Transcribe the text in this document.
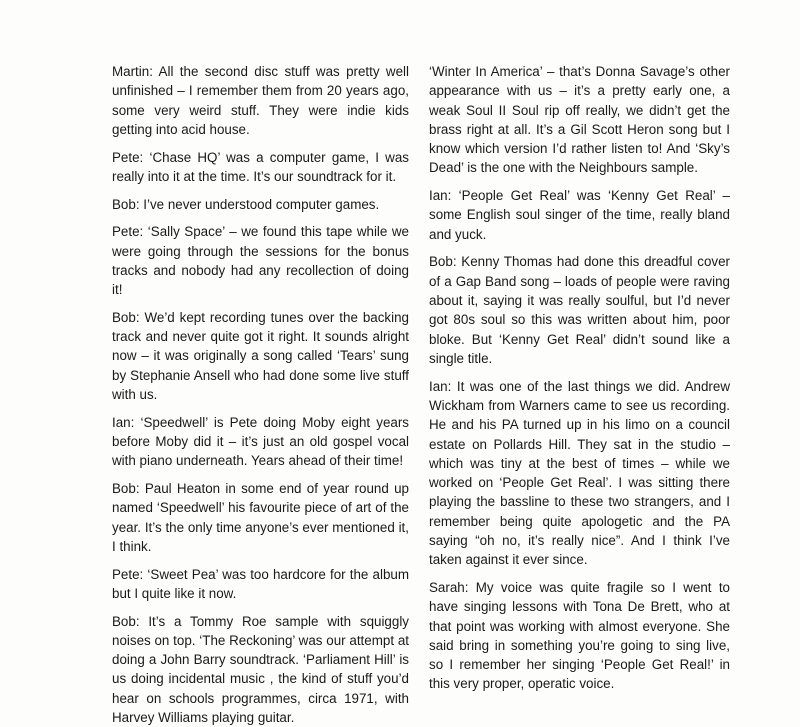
Martin: All the second disc stuff was pretty well unfinished – I remember them from 20 years ago, some very weird stuff. They were indie kids getting into acid house.

Pete: ‘Chase HQ’ was a computer game, I was really into it at the time. It’s our soundtrack for it.

Bob: I’ve never understood computer games.

Pete: ‘Sally Space’ – we found this tape while we were going through the sessions for the bonus tracks and nobody had any recollection of doing it!

Bob: We’d kept recording tunes over the backing track and never quite got it right. It sounds alright now – it was originally a song called ‘Tears’ sung by Stephanie Ansell who had done some live stuff with us.

Ian: ‘Speedwell’ is Pete doing Moby eight years before Moby did it – it’s just an old gospel vocal with piano underneath. Years ahead of their time!

Bob: Paul Heaton in some end of year round up named ‘Speedwell’ his favourite piece of art of the year. It’s the only time anyone’s ever mentioned it, I think.

Pete: ‘Sweet Pea’ was too hardcore for the album but I quite like it now.

Bob: It’s a Tommy Roe sample with squiggly noises on top. ‘The Reckoning’ was our attempt at doing a John Barry soundtrack. ‘Parliament Hill’ is us doing incidental music , the kind of stuff you’d hear on schools programmes, circa 1971, with Harvey Williams playing guitar.

‘Winter In America’ – that’s Donna Savage’s other appearance with us – it’s a pretty early one, a weak Soul II Soul rip off really, we didn’t get the brass right at all. It’s a Gil Scott Heron song but I know which version I’d rather listen to! And ‘Sky’s Dead’ is the one with the Neighbours sample.

Ian: ‘People Get Real’ was ‘Kenny Get Real’ – some English soul singer of the time, really bland and yuck.

Bob: Kenny Thomas had done this dreadful cover of a Gap Band song – loads of people were raving about it, saying it was really soulful, but I’d never got 80s soul so this was written about him, poor bloke. But ‘Kenny Get Real’ didn’t sound like a single title.

Ian: It was one of the last things we did. Andrew Wickham from Warners came to see us recording. He and his PA turned up in his limo on a council estate on Pollards Hill. They sat in the studio – which was tiny at the best of times – while we worked on ‘People Get Real’. I was sitting there playing the bassline to these two strangers, and I remember being quite apologetic and the PA saying “oh no, it’s really nice”. And I think I’ve taken against it ever since.

Sarah: My voice was quite fragile so I went to have singing lessons with Tona De Brett, who at that point was working with almost everyone. She said bring in something you’re going to sing live, so I remember her singing ‘People Get Real!’ in this very proper, operatic voice.
